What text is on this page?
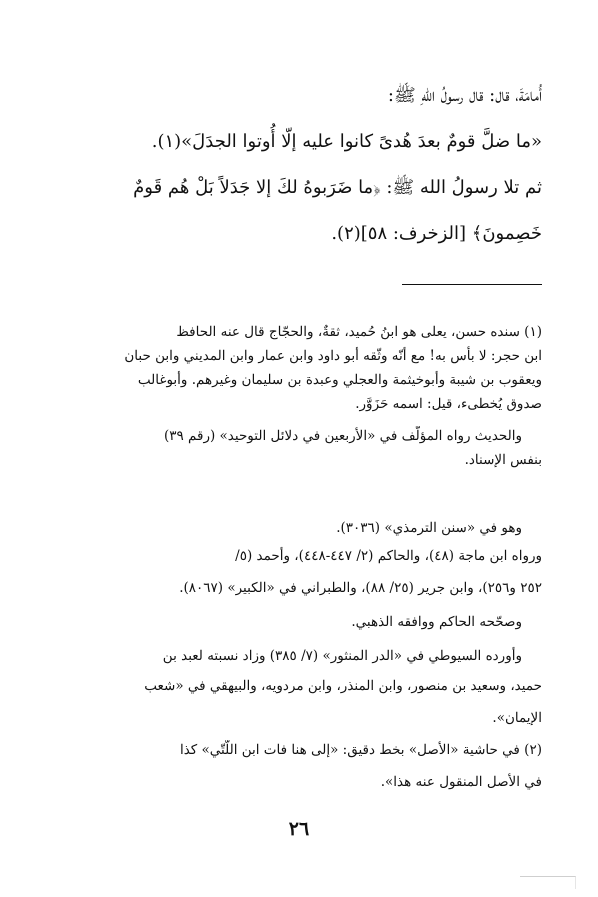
أُمامَةَ، قال: قال رسولُ اللهِ ﷺ:
«ما ضلَّ قومٌ بعدَ هُدىً كانوا عليه إلّا أُوتوا الجدَلَ»(١).
ثم تلا رسولُ الله ﷺ: ﴿ما ضَرَبوهُ لكَ إلا جَدَلاً بَلْ هُم قَومٌ
خَصِمونَ﴾ [الزخرف: ٥٨](٢).
(١) سنده حسن، يعلى هو ابنُ حُميد، ثقةٌ، والحجّاج قال عنه الحافظ
ابن حجر: لا بأس به! مع أنّه وثّقه أبو داود وابن عمار وابن المديني وابن حبان
ويعقوب بن شيبة وأبوخيثمة والعجلي وعبدة بن سليمان وغيرهم. وأبوغالب
صدوق يُخطىء، قيل: اسمه حَزَوَّر.
والحديث رواه المؤلّف في «الأربعين في دلائل التوحيد» (رقم ٣٩)
بنفس الإسناد.
وهو في «سنن الترمذي» (٣٠٣٦).
ورواه ابن ماجة (٤٨)، والحاكم (٢/ ٤٤٧-٤٤٨)، وأحمد (٥/
٢٥٢ و٢٥٦)، وابن جرير (٢٥/ ٨٨)، والطبراني في «الكبير» (٨٠٦٧).
وصحّحه الحاكم ووافقه الذهبي.
وأورده السيوطي في «الدر المنثور» (٧/ ٣٨٥) وزاد نسبته لعبد بن
حميد، وسعيد بن منصور، وابن المنذر، وابن مردويه، والبيهقي في «شعب
الإيمان».
(٢) في حاشية «الأصل» بخط دقيق: «إلى هنا فات ابن اللّتّي» كذا
في الأصل المنقول عنه هذا».
٢٦
